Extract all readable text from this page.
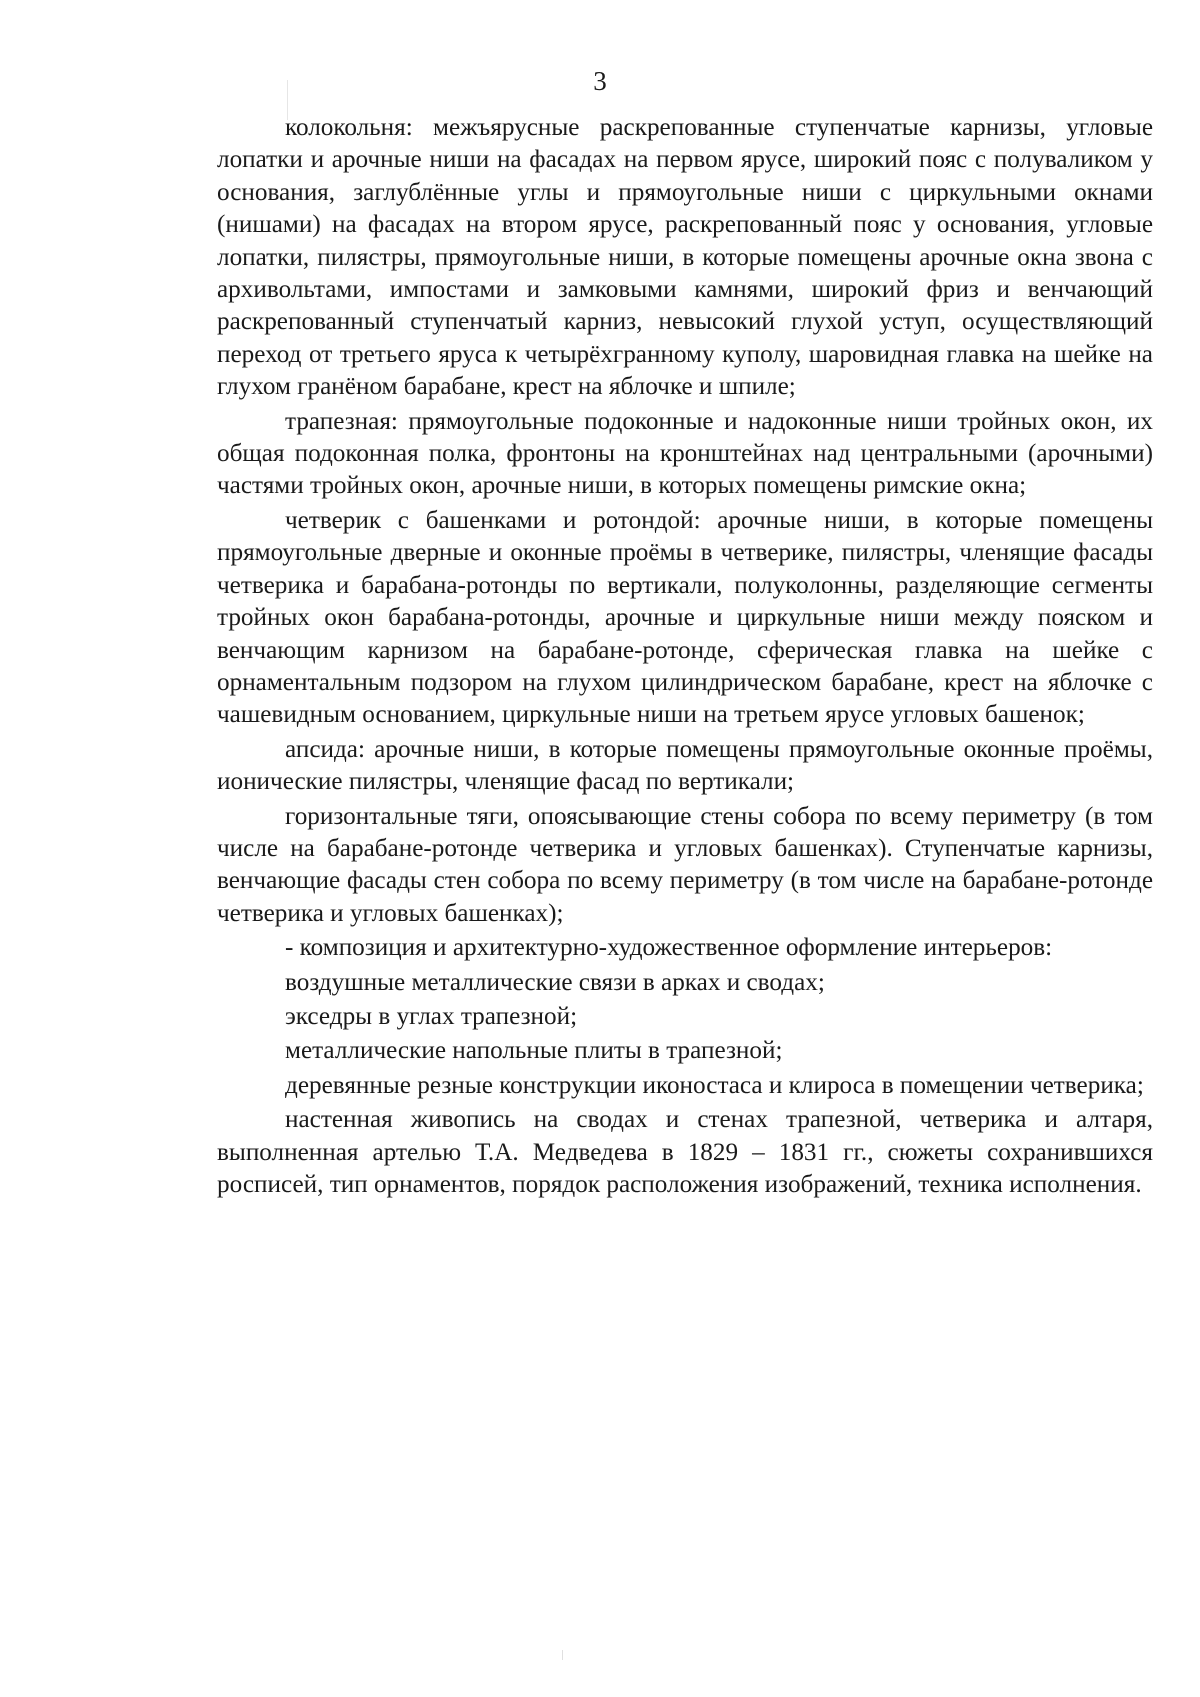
3

колокольня: межъярусные раскрепованные ступенчатые карнизы, угловые лопатки и арочные ниши на фасадах на первом ярусе, широкий пояс с полуваликом у основания, заглублённые углы и прямоугольные ниши с циркульными окнами (нишами) на фасадах на втором ярусе, раскрепованный пояс у основания, угловые лопатки, пилястры, прямоугольные ниши, в которые помещены арочные окна звона с архивольтами, импостами и замковыми камнями, широкий фриз и венчающий раскрепованный ступенчатый карниз, невысокий глухой уступ, осуществляющий переход от третьего яруса к четырёхгранному куполу, шаровидная главка на шейке на глухом гранёном барабане, крест на яблочке и шпиле;

трапезная: прямоугольные подоконные и надоконные ниши тройных окон, их общая подоконная полка, фронтоны на кронштейнах над центральными (арочными) частями тройных окон, арочные ниши, в которых помещены римские окна;

четверик с башенками и ротондой: арочные ниши, в которые помещены прямоугольные дверные и оконные проёмы в четверике, пилястры, членящие фасады четверика и барабана-ротонды по вертикали, полуколонны, разделяющие сегменты тройных окон барабана-ротонды, арочные и циркульные ниши между пояском и венчающим карнизом на барабане-ротонде, сферическая главка на шейке с орнаментальным подзором на глухом цилиндрическом барабане, крест на яблочке с чашевидным основанием, циркульные ниши на третьем ярусе угловых башенок;

апсида: арочные ниши, в которые помещены прямоугольные оконные проёмы, ионические пилястры, членящие фасад по вертикали;

горизонтальные тяги, опоясывающие стены собора по всему периметру (в том числе на барабане-ротонде четверика и угловых башенках). Ступенчатые карнизы, венчающие фасады стен собора по всему периметру (в том числе на барабане-ротонде четверика и угловых башенках);

- композиция и архитектурно-художественное оформление интерьеров:

воздушные металлические связи в арках и сводах;

экседры в углах трапезной;

металлические напольные плиты в трапезной;

деревянные резные конструкции иконостаса и клироса в помещении четверика;

настенная живопись на сводах и стенах трапезной, четверика и алтаря, выполненная артелью Т.А. Медведева в 1829 – 1831 гг., сюжеты сохранившихся росписей, тип орнаментов, порядок расположения изображений, техника исполнения.
